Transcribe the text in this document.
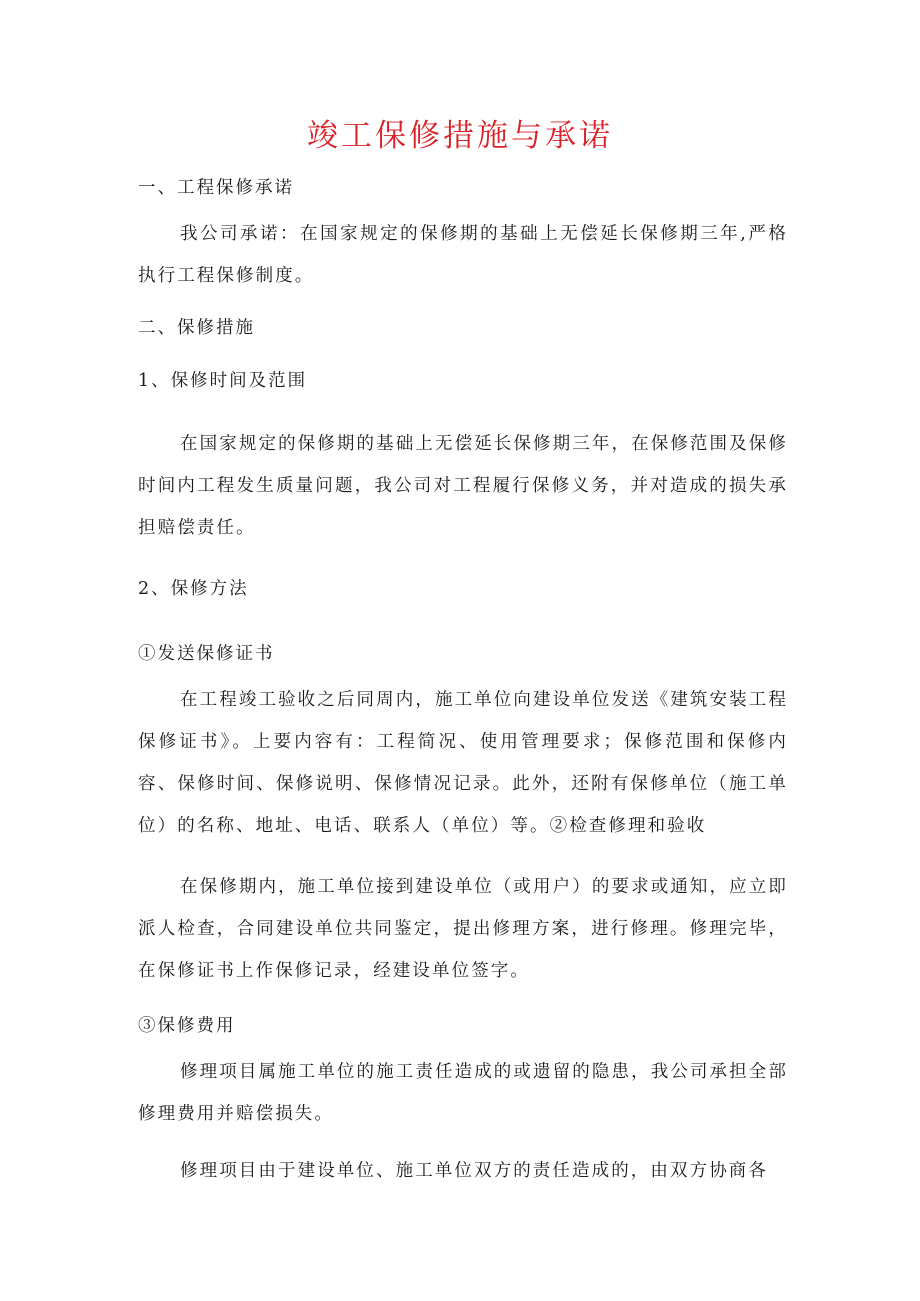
竣工保修措施与承诺

一、工程保修承诺

我公司承诺：在国家规定的保修期的基础上无偿延长保修期三年,严格执行工程保修制度。

二、保修措施

1、保修时间及范围

在国家规定的保修期的基础上无偿延长保修期三年，在保修范围及保修时间内工程发生质量问题，我公司对工程履行保修义务，并对造成的损失承担赔偿责任。

2、保修方法

①发送保修证书

在工程竣工验收之后同周内，施工单位向建设单位发送《建筑安装工程保修证书》。上要内容有：工程简况、使用管理要求；保修范围和保修内容、保修时间、保修说明、保修情况记录。此外，还附有保修单位（施工单位）的名称、地址、电话、联系人（单位）等。②检查修理和验收

在保修期内，施工单位接到建设单位（或用户）的要求或通知，应立即派人检查，合同建设单位共同鉴定，提出修理方案，进行修理。修理完毕，在保修证书上作保修记录，经建设单位签字。

③保修费用

修理项目属施工单位的施工责任造成的或遗留的隐患，我公司承担全部修理费用并赔偿损失。

修理项目由于建设单位、施工单位双方的责任造成的，由双方协商各
